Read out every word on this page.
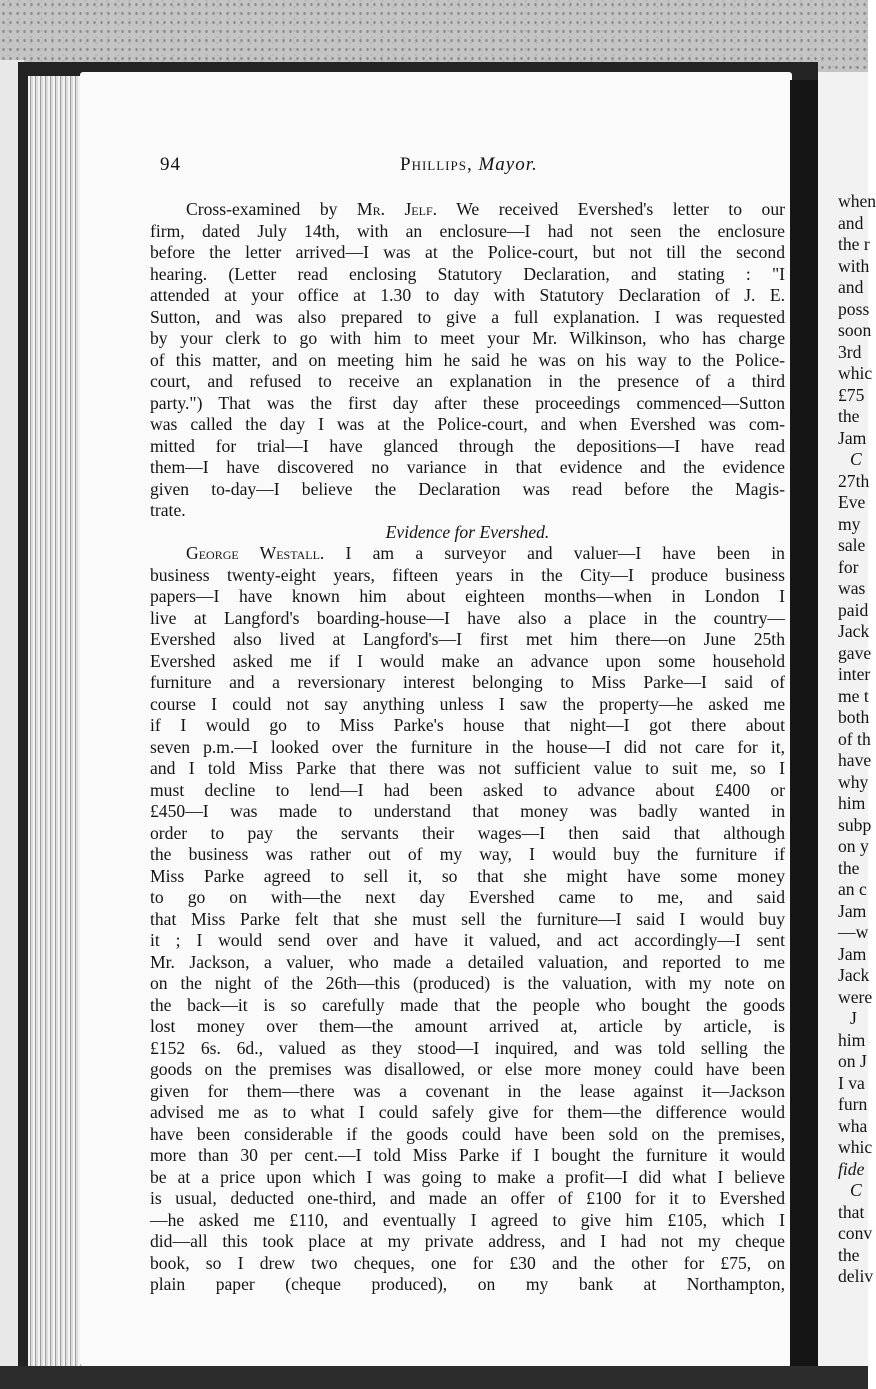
94	Phillips, Mayor.
Cross-examined by Mr. Jelf. We received Evershed's letter to our
firm, dated July 14th, with an enclosure—I had not seen the enclosure
before the letter arrived—I was at the Police-court, but not till the second
hearing. (Letter read enclosing Statutory Declaration, and stating : "I
attended at your office at 1.30 to day with Statutory Declaration of J. E.
Sutton, and was also prepared to give a full explanation. I was requested
by your clerk to go with him to meet your Mr. Wilkinson, who has charge
of this matter, and on meeting him he said he was on his way to the Police-
court, and refused to receive an explanation in the presence of a third
party.") That was the first day after these proceedings commenced—Sutton
was called the day I was at the Police-court, and when Evershed was com-
mitted for trial—I have glanced through the depositions—I have read
them—I have discovered no variance in that evidence and the evidence
given to-day—I believe the Declaration was read before the Magis-
trate.
Evidence for Evershed.
George Westall. I am a surveyor and valuer—I have been in
business twenty-eight years, fifteen years in the City—I produce business
papers—I have known him about eighteen months—when in London I
live at Langford's boarding-house—I have also a place in the country—
Evershed also lived at Langford's—I first met him there—on June 25th
Evershed asked me if I would make an advance upon some household
furniture and a reversionary interest belonging to Miss Parke—I said of
course I could not say anything unless I saw the property—he asked me
if I would go to Miss Parke's house that night—I got there about
seven p.m.—I looked over the furniture in the house—I did not care for it,
and I told Miss Parke that there was not sufficient value to suit me, so I
must decline to lend—I had been asked to advance about £400 or
£450—I was made to understand that money was badly wanted in
order to pay the servants their wages—I then said that although
the business was rather out of my way, I would buy the furniture if
Miss Parke agreed to sell it, so that she might have some money
to go on with—the next day Evershed came to me, and said
that Miss Parke felt that she must sell the furniture—I said I would buy
it ; I would send over and have it valued, and act accordingly—I sent
Mr. Jackson, a valuer, who made a detailed valuation, and reported to me
on the night of the 26th—this (produced) is the valuation, with my note on
the back—it is so carefully made that the people who bought the goods
lost money over them—the amount arrived at, article by article, is
£152 6s. 6d., valued as they stood—I inquired, and was told selling the
goods on the premises was disallowed, or else more money could have been
given for them—there was a covenant in the lease against it—Jackson
advised me as to what I could safely give for them—the difference would
have been considerable if the goods could have been sold on the premises,
more than 30 per cent.—I told Miss Parke if I bought the furniture it would
be at a price upon which I was going to make a profit—I did what I believe
is usual, deducted one-third, and made an offer of £100 for it to Evershed
—he asked me £110, and eventually I agreed to give him £105, which I
did—all this took place at my private address, and I had not my cheque
book, so I drew two cheques, one for £30 and the other for £75, on
plain paper (cheque produced), on my bank at Northampton,
when
and
the r
with
and
poss
soon
3rd
whic
£75
the
Jam
C
27th
Eve
my
sale
for
was
paid
Jack
gave
inter
me t
both
of th
have
why
him
subp
on y
the
an c
Jam
—w
Jam
Jack
were
J
him
on J
I va
furn
wha
whic
fide
C
that
conv
the
deliv
